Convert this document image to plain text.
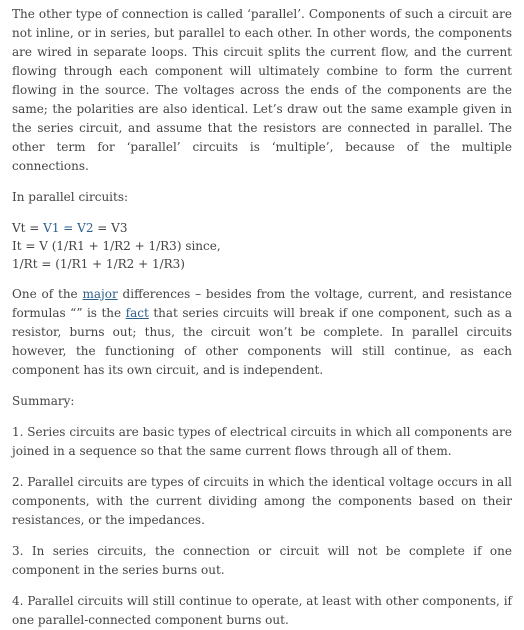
The other type of connection is called ‘parallel’. Components of such a circuit are not inline, or in series, but parallel to each other. In other words, the components are wired in separate loops. This circuit splits the current flow, and the current flowing through each component will ultimately combine to form the current flowing in the source. The voltages across the ends of the components are the same; the polarities are also identical. Let’s draw out the same example given in the series circuit, and assume that the resistors are connected in parallel. The other term for ‘parallel’ circuits is ‘multiple’, because of the multiple connections.

In parallel circuits:

Vt = V1 = V2 = V3
It = V (1/R1 + 1/R2 + 1/R3) since,
1/Rt = (1/R1 + 1/R2 + 1/R3)

One of the major differences – besides from the voltage, current, and resistance formulas “” is the fact that series circuits will break if one component, such as a resistor, burns out; thus, the circuit won’t be complete. In parallel circuits however, the functioning of other components will still continue, as each component has its own circuit, and is independent.

Summary:

1. Series circuits are basic types of electrical circuits in which all components are joined in a sequence so that the same current flows through all of them.

2. Parallel circuits are types of circuits in which the identical voltage occurs in all components, with the current dividing among the components based on their resistances, or the impedances.

3. In series circuits, the connection or circuit will not be complete if one component in the series burns out.

4. Parallel circuits will still continue to operate, at least with other components, if one parallel-connected component burns out.
